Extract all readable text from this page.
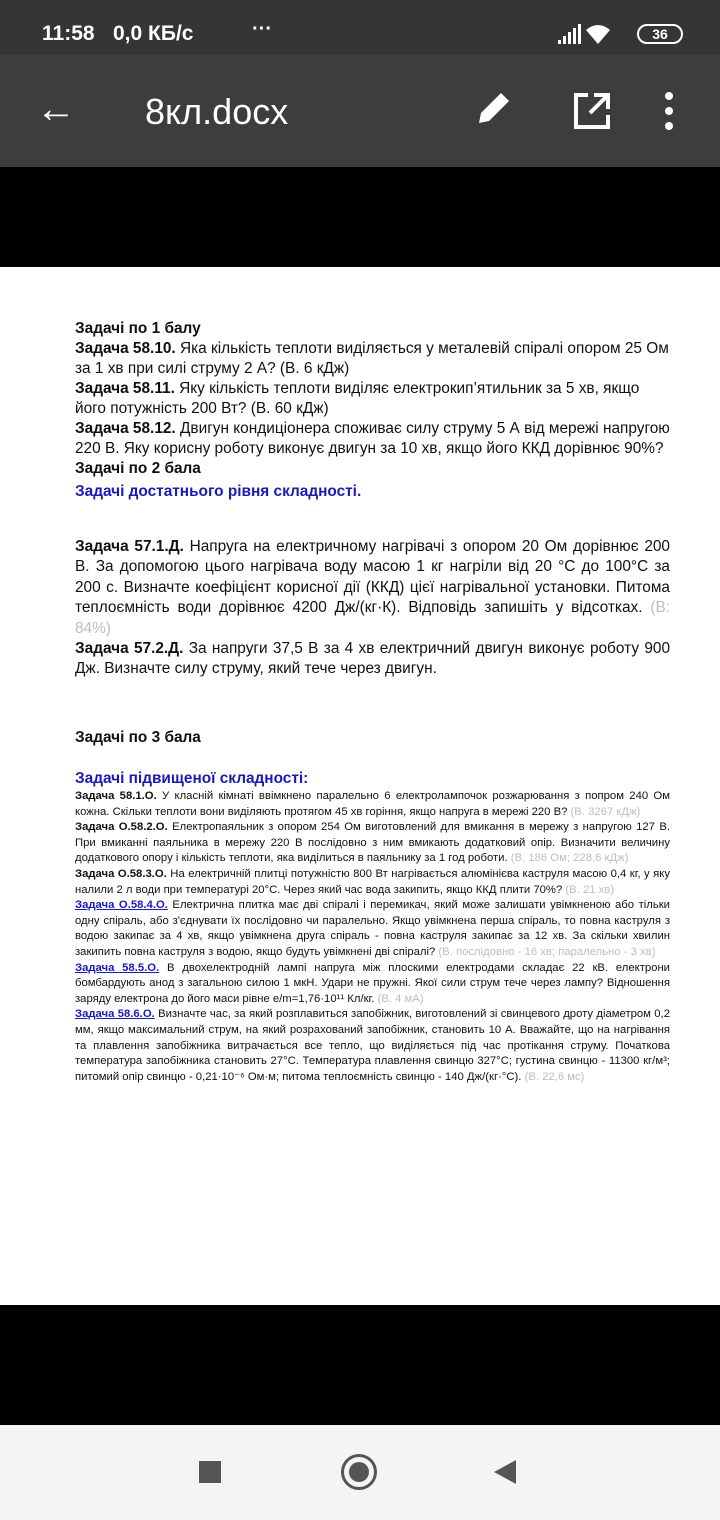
11:58 0,0 КБ/с	···	36
← 8кл.docx
Задачі по 1 балу
Задача 58.10. Яка кількість теплоти виділяється у металевій спіралі опором 25 Ом за 1 хв при силі струму 2 А? (В. 6 кДж)
Задача 58.11. Яку кількість теплоти виділяє електрокип’ятильник за 5 хв, якщо його потужність 200 Вт? (В. 60 кДж)
Задача 58.12. Двигун кондиціонера споживає силу струму 5 А від мережі напругою 220 В. Яку корисну роботу виконує двигун за 10 хв, якщо його ККД дорівнює 90%?
Задачі по 2 бала
Задачі достатнього рівня складності.
Задача 57.1.Д. Напруга на електричному нагрівачі з опором 20 Ом дорівнює 200 В. За допомогою цього нагрівача воду масою 1 кг нагріли від 20 °С до 100°С за 200 с. Визначте коефіцієнт корисної дії (ККД) цієї нагрівальної установки. Питома теплоємність води дорівнює 4200 Дж/(кг·К). Відповідь запишіть у відсотках. (В: 84%)
Задача 57.2.Д. За напруги 37,5 В за 4 хв електричний двигун виконує роботу 900 Дж. Визначте силу струму, який тече через двигун.
Задачі по 3 бала
Задачі підвищеної складності:
Задача 58.1.О. У класній кімнаті ввімкнено паралельно 6 електролампочок розжарювання з попром 240 Ом кожна. Скільки теплоти вони виділяють протягом 45 хв горіння, якщо напруга в мережі 220 В? (В. 3267 кДж)
Задача О.58.2.О. Електропаяльник з опором 254 Ом виготовлений для вмикання в мережу з напругою 127 В. При вмиканні паяльника в мережу 220 В послідовно з ним вмикають додатковий опір. Визначити величину додаткового опору і кількість теплоти, яка виділиться в паяльнику за 1 год роботи. (В. 186 Ом; 228,6 кДж)
Задача О.58.3.О. На електричній плитці потужністю 800 Вт нагрівається алюмінієва каструля масою 0,4 кг, у яку налили 2 л води при температурі 20°С. Через який час вода закипить, якщо ККД плити 70%? (В. 21 хв)
Задача О.58.4.О. Електрична плитка має дві спіралі і перемикач, який може залишати увімкненою або тільки одну спіраль, або з'єднувати їх послідовно чи паралельно. Якщо увімкнена перша спіраль, то повна каструля з водою закипає за 4 хв, якщо увімкнена друга спіраль - повна каструля закипає за 12 хв. За скільки хвилин закипить повна каструля з водою, якщо будуть увімкнені дві спіралі? (В. послідовно - 16 хв; паралельно - 3 хв)
Задача 58.5.О. В двохелектродній лампі напруга між плоскими електродами складає 22 кВ. електрони бомбардують анод з загальною силою 1 мкН. Удари не пружні. Якої сили струм тече через лампу? Відношення заряду електрона до його маси рівне e/m=1,76·10¹¹ Кл/кг. (В. 4 мА)
Задача 58.6.О. Визначте час, за який розплавиться запобіжник, виготовлений зі свинцевого дроту діаметром 0,2 мм, якщо максимальний струм, на який розрахований запобіжник, становить 10 А. Вважайте, що на нагрівання та плавлення запобіжника витрачається все тепло, що виділяється під час протікання струму. Початкова температура запобіжника становить 27°С. Температура плавлення свинцю 327°С; густина свинцю - 11300 кг/м³; питомий опір свинцю - 0,21·10⁻⁶ Ом·м; питома теплоємність свинцю - 140 Дж/(кг·°С). (В. 22,6 мс)
